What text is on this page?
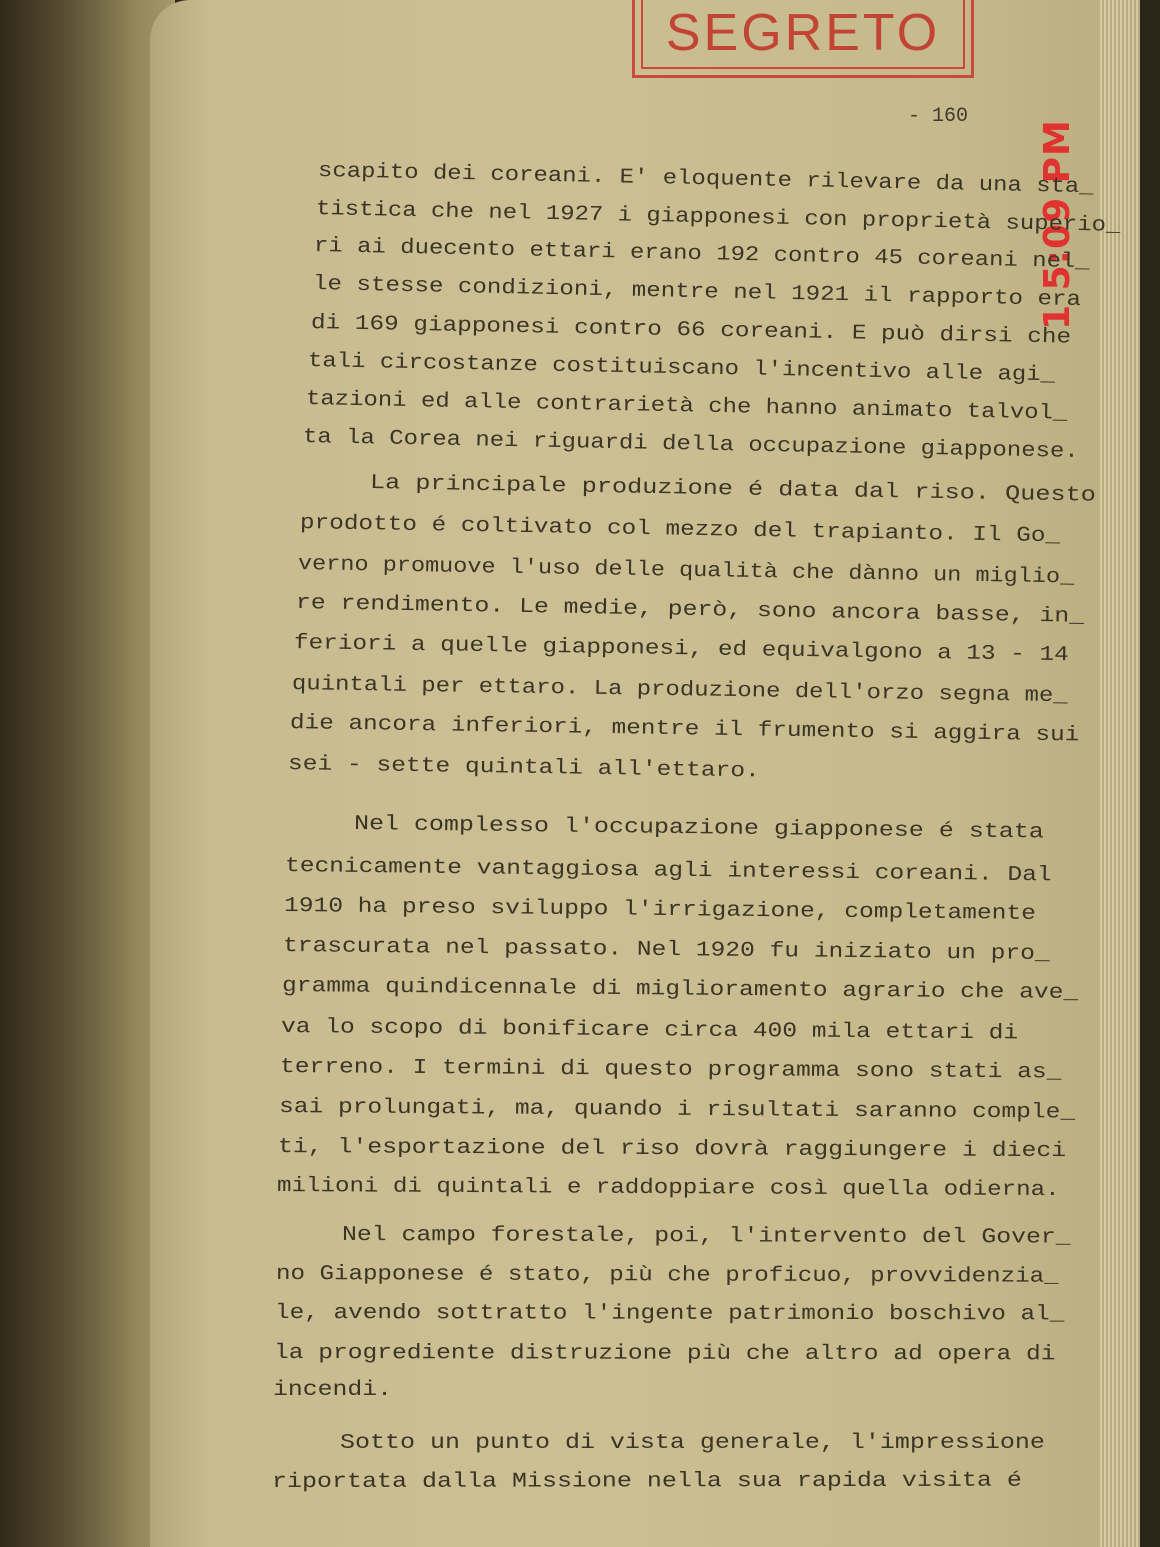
SEGRETO
- 160
1 5:09 PM
scapito dei coreani. E' eloquente rilevare da una sta_
tistica che nel 1927 i giapponesi con proprietà superio_
ri ai duecento ettari erano 192 contro 45 coreani nel_
le stesse condizioni, mentre nel 1921 il rapporto era
di 169 giapponesi contro 66 coreani. E può dirsi che
tali circostanze costituiscano l'incentivo alle agi_
tazioni ed alle contrarietà che hanno animato talvol_
ta la Corea nei riguardi della occupazione giapponese.
La principale produzione é data dal riso. Questo
prodotto é coltivato col mezzo del trapianto. Il Go_
verno promuove l'uso delle qualità che dànno un miglio_
re rendimento. Le medie, però, sono ancora basse, in_
feriori a quelle giapponesi, ed equivalgono a 13 - 14
quintali per ettaro. La produzione dell'orzo segna me_
die ancora inferiori, mentre il frumento si aggira sui
sei - sette quintali all'ettaro.
Nel complesso l'occupazione giapponese é stata
tecnicamente vantaggiosa agli interessi coreani. Dal
1910 ha preso sviluppo l'irrigazione, completamente
trascurata nel passato. Nel 1920 fu iniziato un pro_
gramma quindicennale di miglioramento agrario che ave_
va lo scopo di bonificare circa 400 mila ettari di
terreno. I termini di questo programma sono stati as_
sai prolungati, ma, quando i risultati saranno comple_
ti, l'esportazione del riso dovrà raggiungere i dieci
milioni di quintali e raddoppiare così quella odierna.
Nel campo forestale, poi, l'intervento del Gover_
no Giapponese é stato, più che proficuo, provvidenzia_
le, avendo sottratto l'ingente patrimonio boschivo al_
la progrediente distruzione più che altro ad opera di
incendi.
Sotto un punto di vista generale, l'impressione
riportata dalla Missione nella sua rapida visita é
